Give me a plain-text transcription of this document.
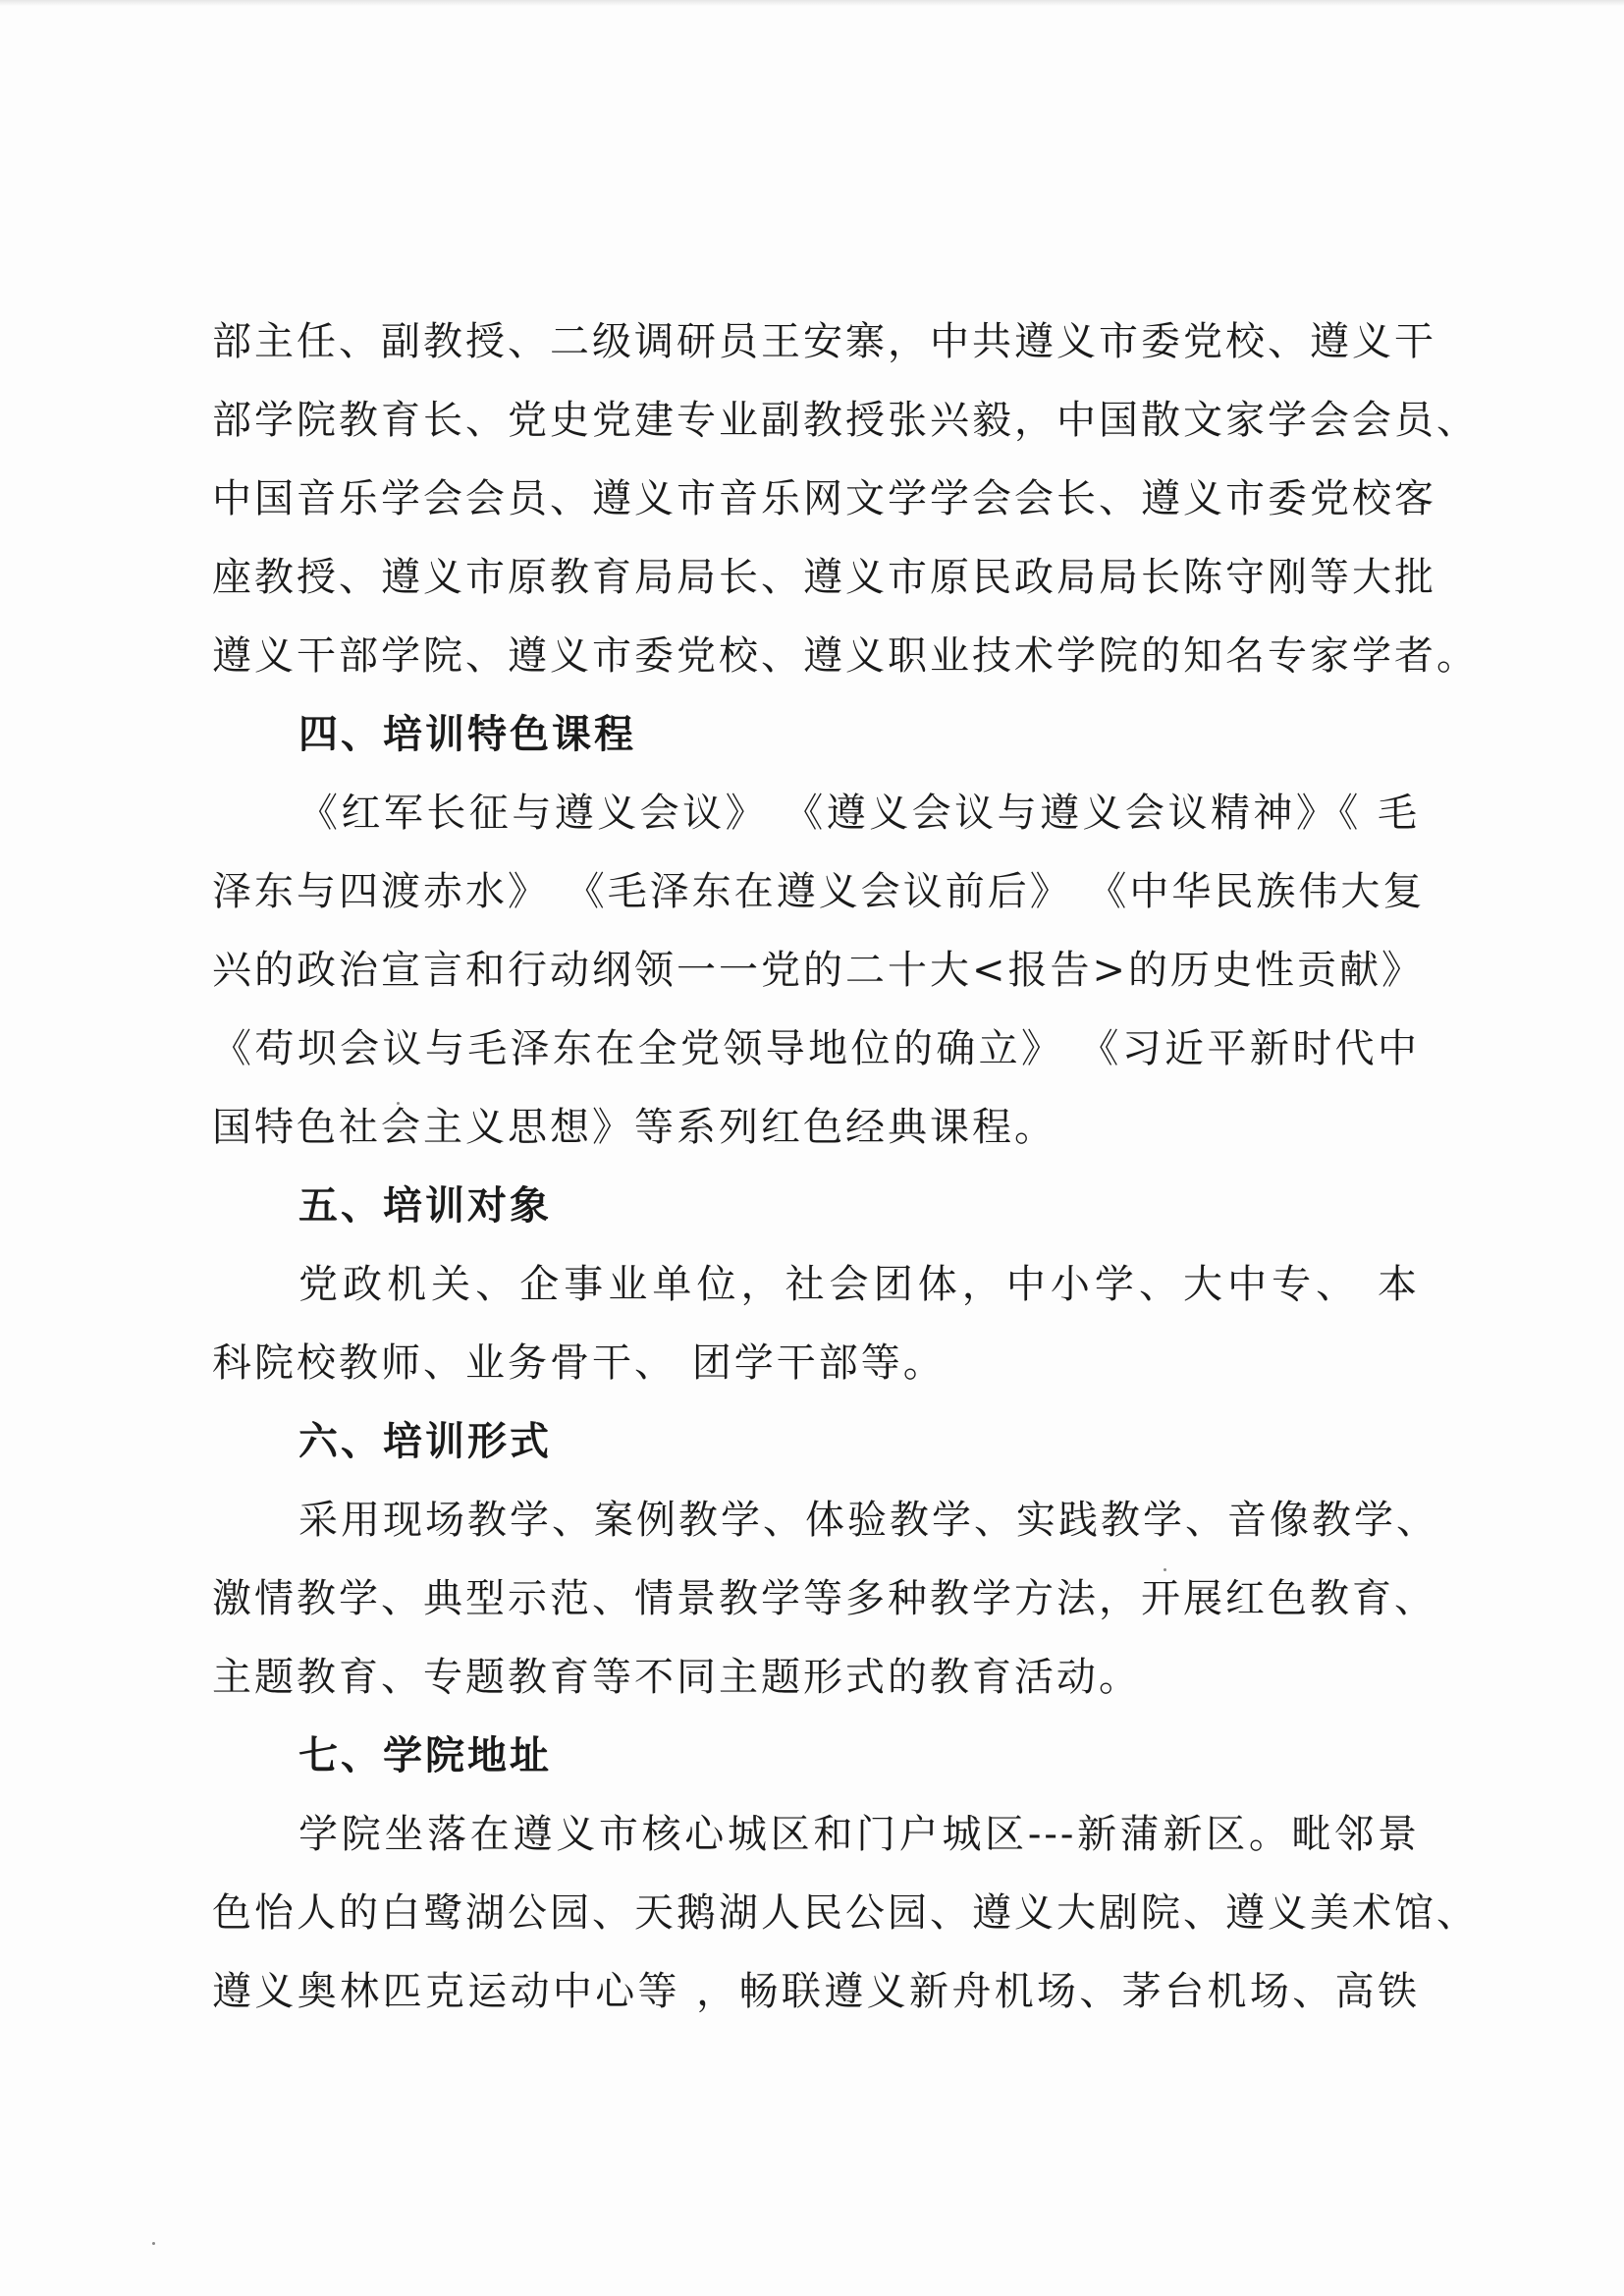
部主任、副教授、二级调研员王安寨，中共遵义市委党校、遵义干
部学院教育长、党史党建专业副教授张兴毅，中国散文家学会会员、
中国音乐学会会员、遵义市音乐网文学学会会长、遵义市委党校客
座教授、遵义市原教育局局长、遵义市原民政局局长陈守刚等大批
遵义干部学院、遵义市委党校、遵义职业技术学院的知名专家学者。
四、培训特色课程
《红军长征与遵义会议》 《遵义会议与遵义会议精神》《 毛
泽东与四渡赤水》 《毛泽东在遵义会议前后》 《中华民族伟大复
兴的政治宣言和行动纲领一一党的二十大<报告>的历史性贡献》
《苟坝会议与毛泽东在全党领导地位的确立》 《习近平新时代中
国特色社会主义思想》等系列红色经典课程。
五、培训对象
党政机关、企事业单位，社会团体，中小学、大中专、 本
科院校教师、业务骨干、 团学干部等。
六、培训形式
采用现场教学、案例教学、体验教学、实践教学、音像教学、
激情教学、典型示范、情景教学等多种教学方法，开展红色教育、
主题教育、专题教育等不同主题形式的教育活动。
七、学院地址
学院坐落在遵义市核心城区和门户城区---新蒲新区。毗邻景
色怡人的白鹭湖公园、天鹅湖人民公园、遵义大剧院、遵义美术馆、
遵义奥林匹克运动中心等 ，畅联遵义新舟机场、茅台机场、高铁
